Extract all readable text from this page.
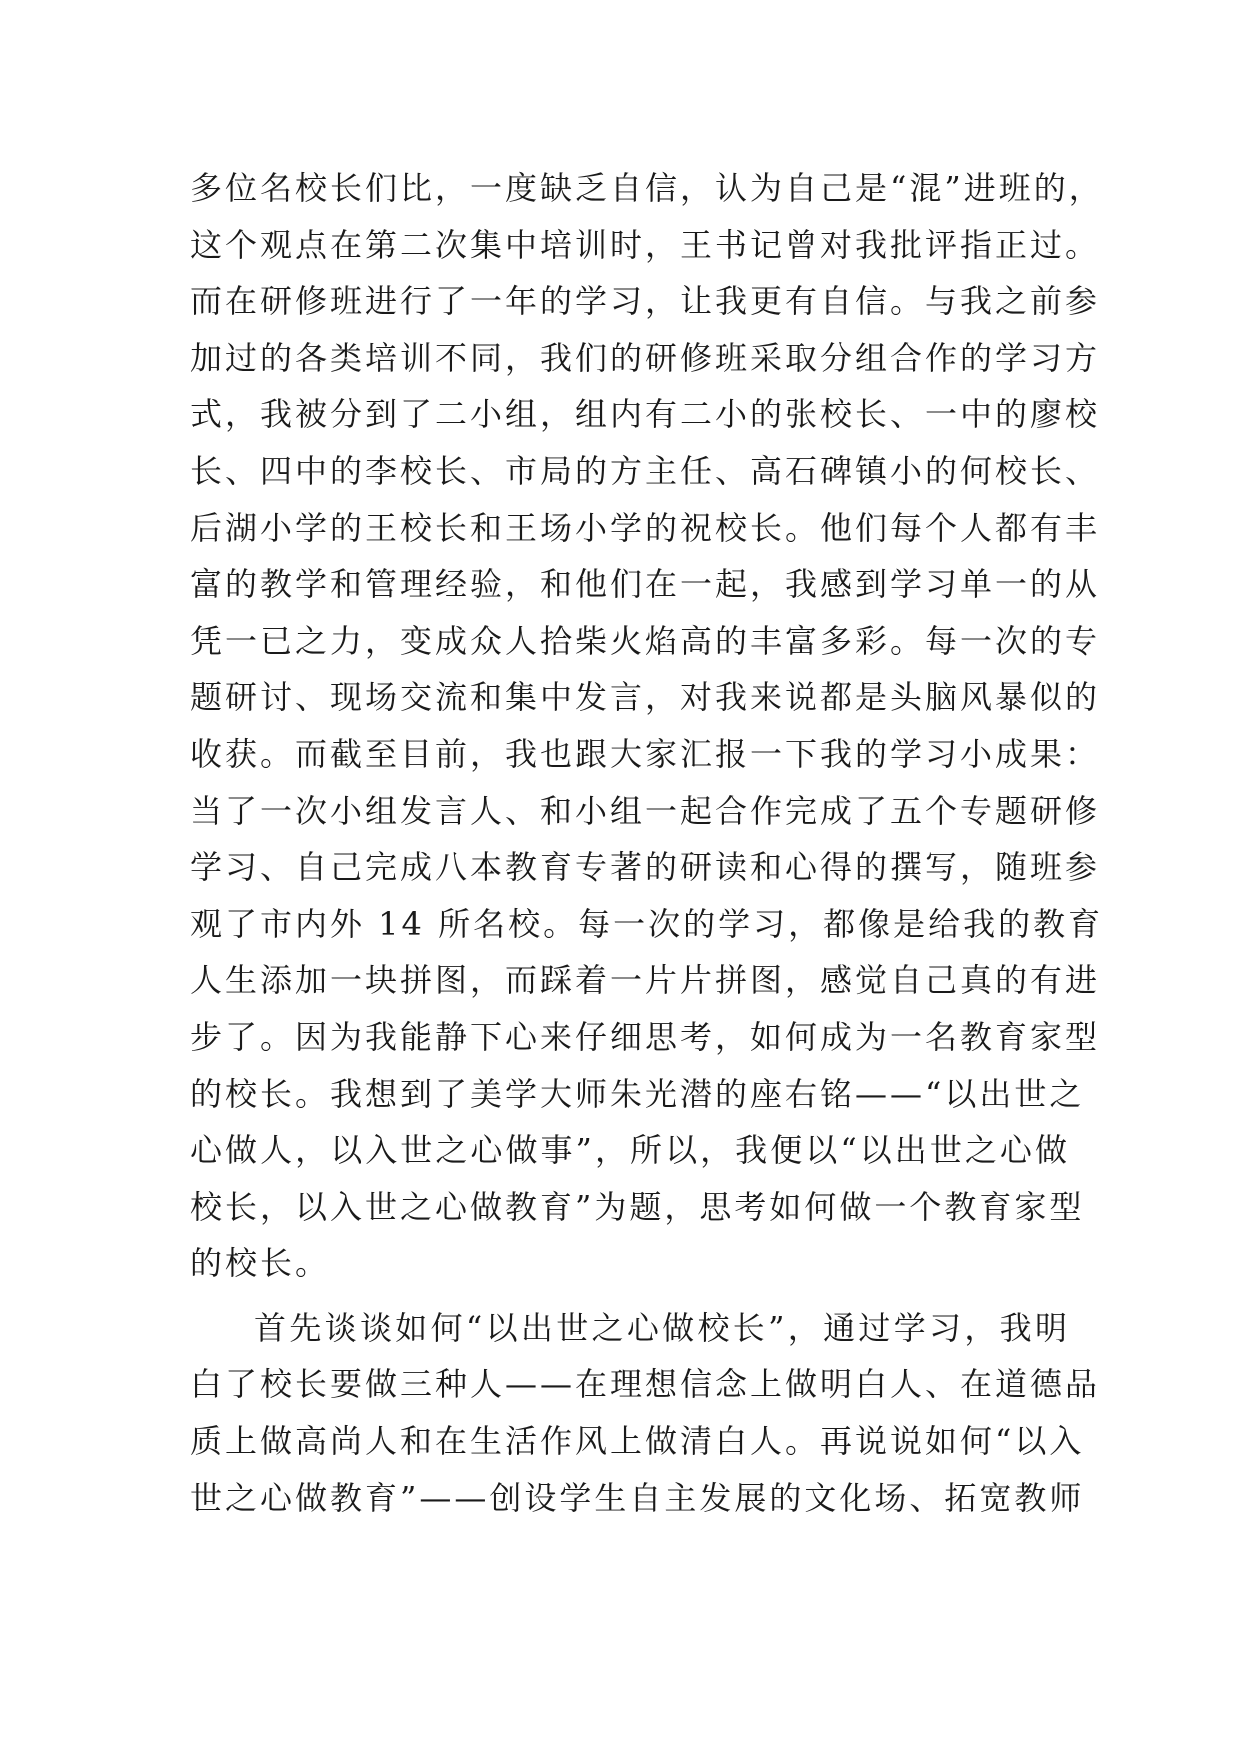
多位名校长们比，一度缺乏自信，认为自己是“混”进班的，
这个观点在第二次集中培训时，王书记曾对我批评指正过。
而在研修班进行了一年的学习，让我更有自信。与我之前参
加过的各类培训不同，我们的研修班采取分组合作的学习方
式，我被分到了二小组，组内有二小的张校长、一中的廖校
长、四中的李校长、市局的方主任、高石碑镇小的何校长、
后湖小学的王校长和王场小学的祝校长。他们每个人都有丰
富的教学和管理经验，和他们在一起，我感到学习单一的从
凭一已之力，变成众人拾柴火焰高的丰富多彩。每一次的专
题研讨、现场交流和集中发言，对我来说都是头脑风暴似的
收获。而截至目前，我也跟大家汇报一下我的学习小成果：
当了一次小组发言人、和小组一起合作完成了五个专题研修
学习、自己完成八本教育专著的研读和心得的撰写，随班参
观了市内外 14 所名校。每一次的学习，都像是给我的教育
人生添加一块拼图，而踩着一片片拼图，感觉自己真的有进
步了。因为我能静下心来仔细思考，如何成为一名教育家型
的校长。我想到了美学大师朱光潜的座右铭——“以出世之
心做人，以入世之心做事”，所以，我便以“以出世之心做
校长，以入世之心做教育”为题，思考如何做一个教育家型
的校长。
首先谈谈如何“以出世之心做校长”，通过学习，我明
白了校长要做三种人——在理想信念上做明白人、在道德品
质上做高尚人和在生活作风上做清白人。再说说如何“以入
世之心做教育”——创设学生自主发展的文化场、拓宽教师
